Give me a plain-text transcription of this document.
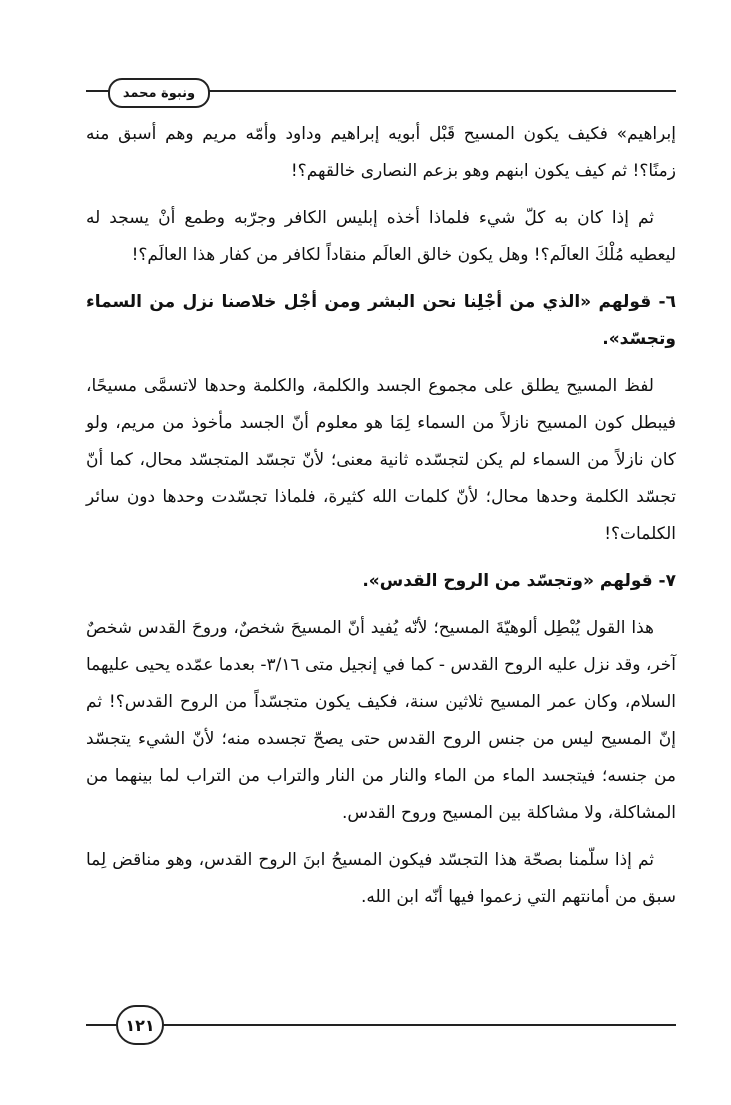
ونبوة محمد

إبراهيم» فكيف يكون المسيح قَبْل أبويه إبراهيم وداود وأمّه مريم وهم أسبق منه زمنًا؟! ثم كيف يكون ابنهم وهو بزعم النصارى خالقهم؟!

ثم إذا كان به كلّ شيء فلماذا أخذه إبليس الكافر وجرّبه وطمع أنْ يسجد له ليعطيه مُلْكَ العالَم؟! وهل يكون خالق العالَم منقاداً لكافر من كفار هذا العالَم؟!

٦- قولهم «الذي من أجْلِنا نحن البشر ومن أجْل خلاصنا نزل من السماء وتجسّد».

لفظ المسيح يطلق على مجموع الجسد والكلمة، والكلمة وحدها لاتسمَّى مسيحًا، فيبطل كون المسيح نازلاً من السماء لِمَا هو معلوم أنّ الجسد مأخوذ من مريم، ولو كان نازلاً من السماء لم يكن لتجسّده ثانية معنى؛ لأنّ تجسّد المتجسّد محال، كما أنّ تجسّد الكلمة وحدها محال؛ لأنّ كلمات الله كثيرة، فلماذا تجسّدت وحدها دون سائر الكلمات؟!

٧- قولهم «وتجسّد من الروح القدس».

هذا القول يُبْطِل ألوهيّةَ المسيح؛ لأنّه يُفيد أنّ المسيحَ شخصٌ، وروحَ القدس شخصٌ آخر، وقد نزل عليه الروح القدس - كما في إنجيل متى ٣/١٦- بعدما عمّده يحيى عليهما السلام، وكان عمر المسيح ثلاثين سنة، فكيف يكون متجسّداً من الروح القدس؟! ثم إنّ المسيح ليس من جنس الروح القدس حتى يصحّ تجسده منه؛ لأنّ الشيء يتجسّد من جنسه؛ فيتجسد الماء من الماء والنار من النار والتراب من التراب لما بينهما من المشاكلة، ولا مشاكلة بين المسيح وروح القدس.

ثم إذا سلّمنا بصحّة هذا التجسّد فيكون المسيحُ ابنَ الروح القدس، وهو مناقض لِما سبق من أمانتهم التي زعموا فيها أنّه ابن الله.

١٢١
